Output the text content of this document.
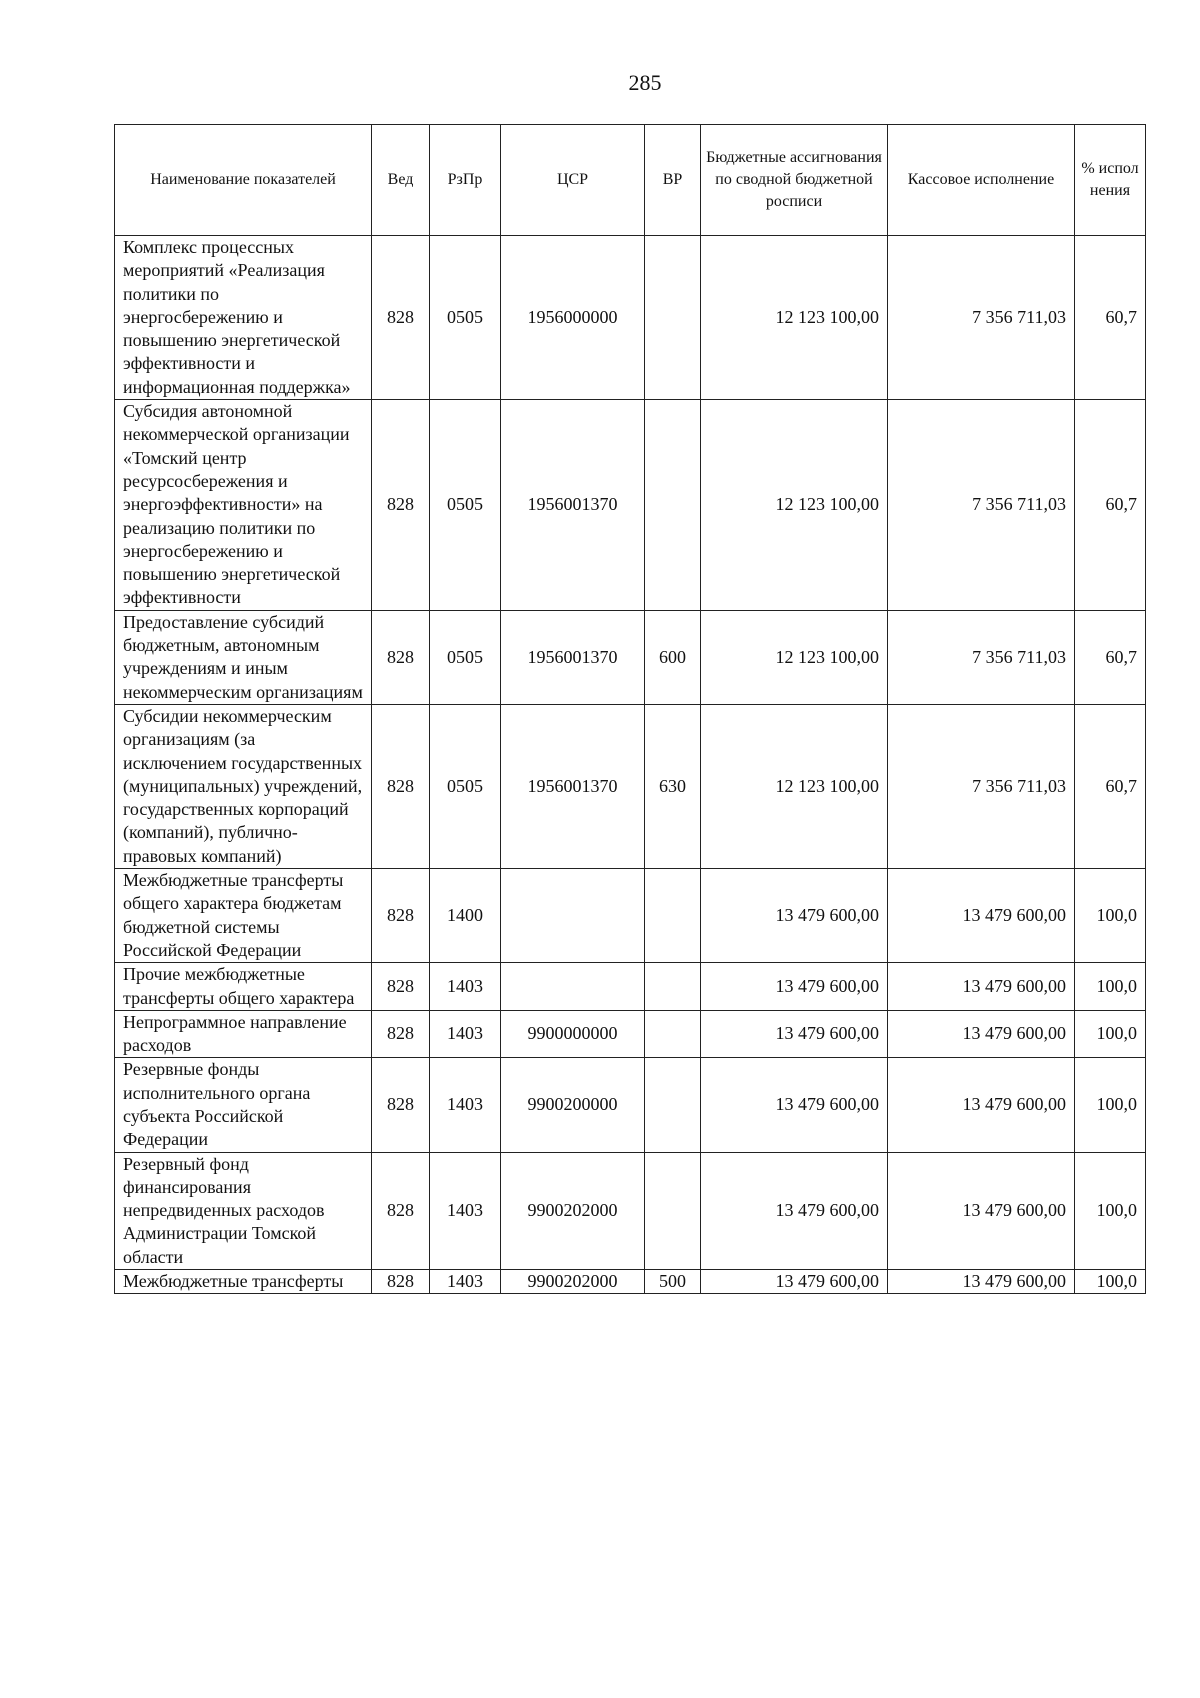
285
Наименование показателей	Вед	РзПр	ЦСР	ВР	Бюджетные ассигнования по сводной бюджетной росписи	Кассовое исполнение	% испол нения
Комплекс процессных мероприятий «Реализация политики по энергосбережению и повышению энергетической эффективности и информационная поддержка»	828	0505	1956000000		12 123 100,00	7 356 711,03	60,7
Субсидия автономной некоммерческой организации «Томский центр ресурсосбережения и энергоэффективности» на реализацию политики по энергосбережению и повышению энергетической эффективности	828	0505	1956001370		12 123 100,00	7 356 711,03	60,7
Предоставление субсидий бюджетным, автономным учреждениям и иным некоммерческим организациям	828	0505	1956001370	600	12 123 100,00	7 356 711,03	60,7
Субсидии некоммерческим организациям (за исключением государственных (муниципальных) учреждений, государственных корпораций (компаний), публично-правовых компаний)	828	0505	1956001370	630	12 123 100,00	7 356 711,03	60,7
Межбюджетные трансферты общего характера бюджетам бюджетной системы Российской Федерации	828	1400			13 479 600,00	13 479 600,00	100,0
Прочие межбюджетные трансферты общего характера	828	1403			13 479 600,00	13 479 600,00	100,0
Непрограммное направление расходов	828	1403	9900000000		13 479 600,00	13 479 600,00	100,0
Резервные фонды исполнительного органа субъекта Российской Федерации	828	1403	9900200000		13 479 600,00	13 479 600,00	100,0
Резервный фонд финансирования непредвиденных расходов Администрации Томской области	828	1403	9900202000		13 479 600,00	13 479 600,00	100,0
Межбюджетные трансферты	828	1403	9900202000	500	13 479 600,00	13 479 600,00	100,0
